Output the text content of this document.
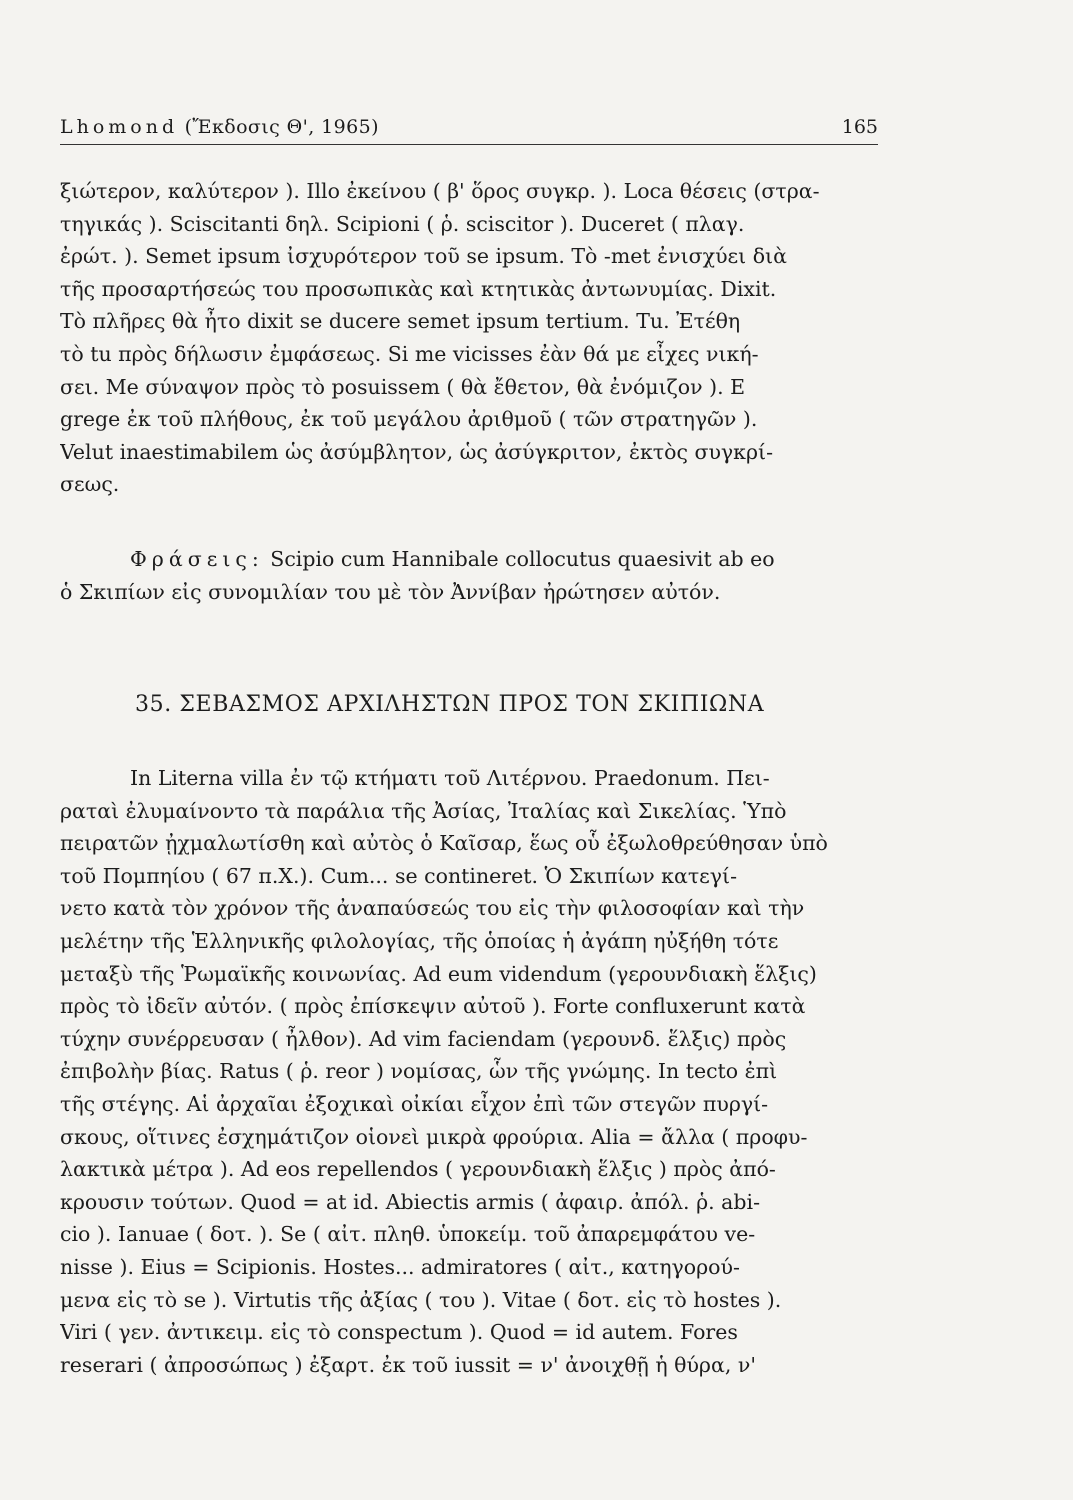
Lhomond (Ἔκδοσις Θ', 1965)	165
ξιώτερον, καλύτερον ). Illo ἐκείνου ( β' ὅρος συγκρ. ). Loca θέσεις (στρα-
τηγικάς ). Sciscitanti δηλ. Scipioni ( ῥ. sciscitor ). Duceret ( πλαγ.
ἐρώτ. ). Semet ipsum ἰσχυρότερον τοῦ se ipsum. Τὸ -met ἐνισχύει διὰ
τῆς προσαρτήσεώς του προσωπικὰς καὶ κτητικὰς ἀντωνυμίας. Dixit.
Τὸ πλῆρες θὰ ἦτο dixit se ducere semet ipsum tertium. Tu. Ἐτέθη
τὸ tu πρὸς δήλωσιν ἐμφάσεως. Si me vicisses ἐὰν θά με εἶχες νική-
σει. Me σύναψον πρὸς τὸ posuissem ( θὰ ἔθετον, θὰ ἐνόμιζον ). E
grege ἐκ τοῦ πλήθους, ἐκ τοῦ μεγάλου ἀριθμοῦ ( τῶν στρατηγῶν ).
Velut inaestimabilem ὡς ἀσύμβλητον, ὡς ἀσύγκριτον, ἐκτὸς συγκρί-
σεως.
Φράσεις: Scipio cum Hannibale collocutus quaesivit ab eo
ὁ Σκιπίων εἰς συνομιλίαν του μὲ τὸν Ἀννίβαν ἠρώτησεν αὐτόν.
35. ΣΕΒΑΣΜΟΣ ΑΡΧΙΛΗΣΤΩΝ ΠΡΟΣ ΤΟΝ ΣΚΙΠΙΩΝΑ
In Literna villa ἐν τῷ κτήματι τοῦ Λιτέρνου. Praedonum. Πει-
ραταὶ ἐλυμαίνοντο τὰ παράλια τῆς Ἀσίας, Ἰταλίας καὶ Σικελίας. Ὑπὸ
πειρατῶν ᾐχμαλωτίσθη καὶ αὐτὸς ὁ Καῖσαρ, ἕως οὗ ἐξωλοθρεύθησαν ὑπὸ
τοῦ Πομπηίου ( 67 π.Χ.). Cum... se contineret. Ὁ Σκιπίων κατεγί-
νετο κατὰ τὸν χρόνον τῆς ἀναπαύσεώς του εἰς τὴν φιλοσοφίαν καὶ τὴν
μελέτην τῆς Ἑλληνικῆς φιλολογίας, τῆς ὁποίας ἡ ἀγάπη ηὐξήθη τότε
μεταξὺ τῆς Ῥωμαϊκῆς κοινωνίας. Ad eum videndum (γερουνδιακὴ ἕλξις)
πρὸς τὸ ἰδεῖν αὐτόν. ( πρὸς ἐπίσκεψιν αὐτοῦ ). Forte confluxerunt κατὰ
τύχην συνέρρευσαν ( ἦλθον). Ad vim faciendam (γερουνδ. ἕλξις) πρὸς
ἐπιβολὴν βίας. Ratus ( ῥ. reor ) νομίσας, ὧν τῆς γνώμης. In tecto ἐπὶ
τῆς στέγης. Αἱ ἀρχαῖαι ἐξοχικαὶ οἰκίαι εἶχον ἐπὶ τῶν στεγῶν πυργί-
σκους, οἵτινες ἐσχημάτιζον οἱονεὶ μικρὰ φρούρια. Alia = ἄλλα ( προφυ-
λακτικὰ μέτρα ). Ad eos repellendos ( γερουνδιακὴ ἕλξις ) πρὸς ἀπό-
κρουσιν τούτων. Quod = at id. Abiectis armis ( ἀφαιρ. ἀπόλ. ῥ. abi-
cio ). Ianuae ( δοτ. ). Se ( αἰτ. πληθ. ὑποκείμ. τοῦ ἀπαρεμφάτου ve-
nisse ). Eius = Scipionis. Hostes... admiratores ( αἰτ., κατηγορού-
μενα εἰς τὸ se ). Virtutis τῆς ἀξίας ( του ). Vitae ( δοτ. εἰς τὸ hostes ).
Viri ( γεν. ἀντικειμ. εἰς τὸ conspectum ). Quod = id autem. Fores
reserari ( ἀπροσώπως ) ἐξαρτ. ἐκ τοῦ iussit = ν' ἀνοιχθῇ ἡ θύρα, ν'
